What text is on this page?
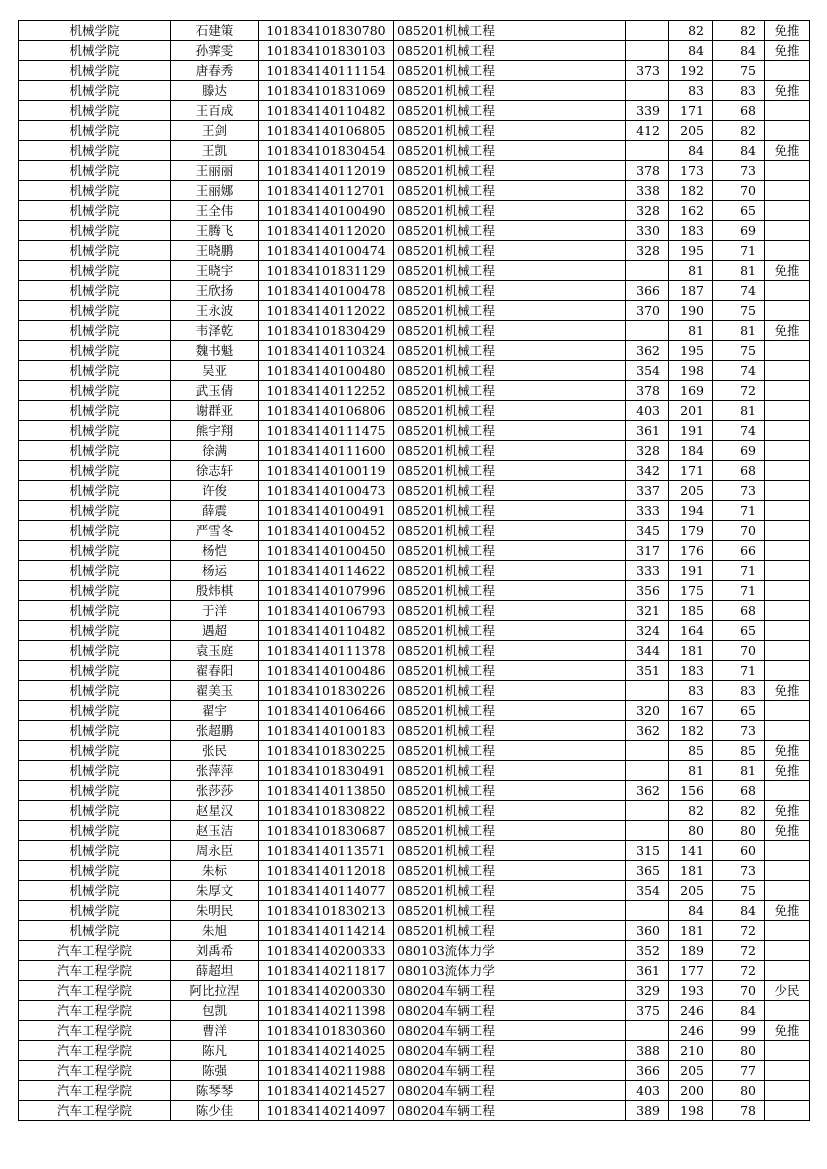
机械学院	石建策	101834101830780	085201机械工程		82	82	免推
机械学院	孙霁雯	101834101830103	085201机械工程		84	84	免推
机械学院	唐春秀	101834140111154	085201机械工程	373	192	75	
机械学院	滕达	101834101831069	085201机械工程		83	83	免推
机械学院	王百成	101834140110482	085201机械工程	339	171	68	
机械学院	王剑	101834140106805	085201机械工程	412	205	82	
机械学院	王凯	101834101830454	085201机械工程		84	84	免推
机械学院	王丽丽	101834140112019	085201机械工程	378	173	73	
机械学院	王丽娜	101834140112701	085201机械工程	338	182	70	
机械学院	王全伟	101834140100490	085201机械工程	328	162	65	
机械学院	王腾飞	101834140112020	085201机械工程	330	183	69	
机械学院	王晓鹏	101834140100474	085201机械工程	328	195	71	
机械学院	王晓宇	101834101831129	085201机械工程		81	81	免推
机械学院	王欣扬	101834140100478	085201机械工程	366	187	74	
机械学院	王永波	101834140112022	085201机械工程	370	190	75	
机械学院	韦泽乾	101834101830429	085201机械工程		81	81	免推
机械学院	魏书魁	101834140110324	085201机械工程	362	195	75	
机械学院	吴亚	101834140100480	085201机械工程	354	198	74	
机械学院	武玉倩	101834140112252	085201机械工程	378	169	72	
机械学院	谢群亚	101834140106806	085201机械工程	403	201	81	
机械学院	熊宇翔	101834140111475	085201机械工程	361	191	74	
机械学院	徐满	101834140111600	085201机械工程	328	184	69	
机械学院	徐志轩	101834140100119	085201机械工程	342	171	68	
机械学院	许俊	101834140100473	085201机械工程	337	205	73	
机械学院	薛震	101834140100491	085201机械工程	333	194	71	
机械学院	严雪冬	101834140100452	085201机械工程	345	179	70	
机械学院	杨恺	101834140100450	085201机械工程	317	176	66	
机械学院	杨运	101834140114622	085201机械工程	333	191	71	
机械学院	殷炜棋	101834140107996	085201机械工程	356	175	71	
机械学院	于洋	101834140106793	085201机械工程	321	185	68	
机械学院	遇超	101834140110482	085201机械工程	324	164	65	
机械学院	袁玉庭	101834140111378	085201机械工程	344	181	70	
机械学院	翟春阳	101834140100486	085201机械工程	351	183	71	
机械学院	翟美玉	101834101830226	085201机械工程		83	83	免推
机械学院	翟宇	101834140106466	085201机械工程	320	167	65	
机械学院	张超鹏	101834140100183	085201机械工程	362	182	73	
机械学院	张民	101834101830225	085201机械工程		85	85	免推
机械学院	张萍萍	101834101830491	085201机械工程		81	81	免推
机械学院	张莎莎	101834140113850	085201机械工程	362	156	68	
机械学院	赵星汉	101834101830822	085201机械工程		82	82	免推
机械学院	赵玉洁	101834101830687	085201机械工程		80	80	免推
机械学院	周永臣	101834140113571	085201机械工程	315	141	60	
机械学院	朱标	101834140112018	085201机械工程	365	181	73	
机械学院	朱厚文	101834140114077	085201机械工程	354	205	75	
机械学院	朱明民	101834101830213	085201机械工程		84	84	免推
机械学院	朱旭	101834140114214	085201机械工程	360	181	72	
汽车工程学院	刘禹希	101834140200333	080103流体力学	352	189	72	
汽车工程学院	薛超坦	101834140211817	080103流体力学	361	177	72	
汽车工程学院	阿比拉涅	101834140200330	080204车辆工程	329	193	70	少民
汽车工程学院	包凯	101834140211398	080204车辆工程	375	246	84	
汽车工程学院	曹洋	101834101830360	080204车辆工程		246	99	免推
汽车工程学院	陈凡	101834140214025	080204车辆工程	388	210	80	
汽车工程学院	陈强	101834140211988	080204车辆工程	366	205	77	
汽车工程学院	陈琴琴	101834140214527	080204车辆工程	403	200	80	
汽车工程学院	陈少佳	101834140214097	080204车辆工程	389	198	78	
